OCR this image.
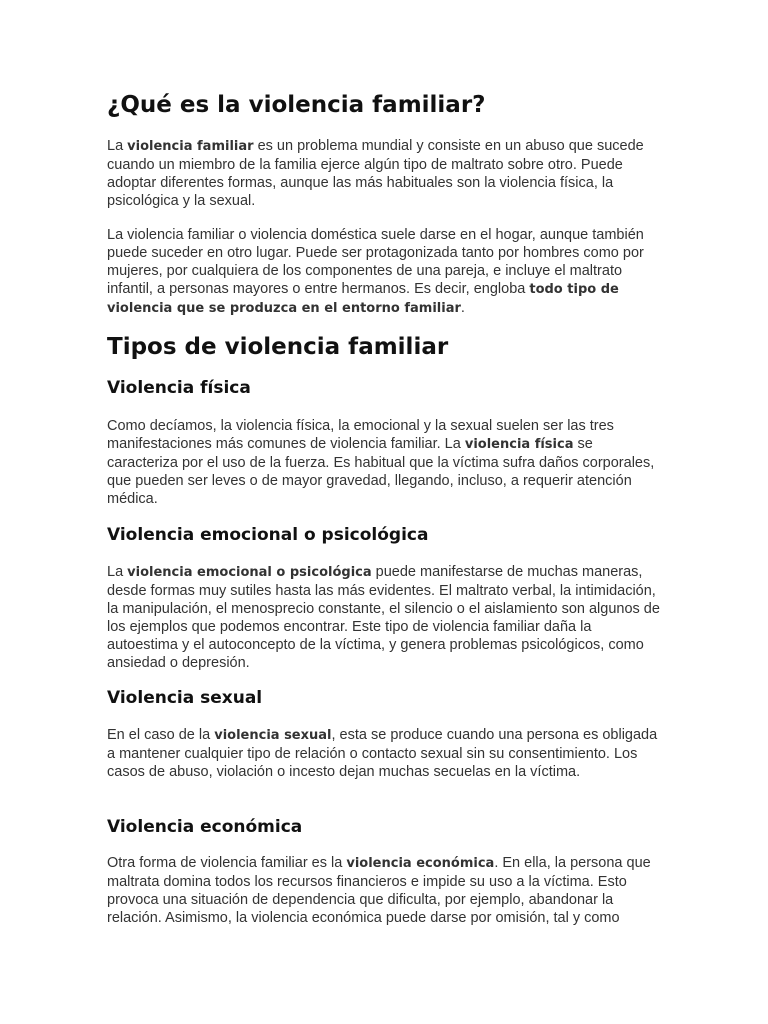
¿Qué es la violencia familiar?

La violencia familiar es un problema mundial y consiste en un abuso que sucede cuando un miembro de la familia ejerce algún tipo de maltrato sobre otro. Puede adoptar diferentes formas, aunque las más habituales son la violencia física, la psicológica y la sexual.

La violencia familiar o violencia doméstica suele darse en el hogar, aunque también puede suceder en otro lugar. Puede ser protagonizada tanto por hombres como por mujeres, por cualquiera de los componentes de una pareja, e incluye el maltrato infantil, a personas mayores o entre hermanos. Es decir, engloba todo tipo de violencia que se produzca en el entorno familiar.

Tipos de violencia familiar
Violencia física

Como decíamos, la violencia física, la emocional y la sexual suelen ser las tres manifestaciones más comunes de violencia familiar. La violencia física se caracteriza por el uso de la fuerza. Es habitual que la víctima sufra daños corporales, que pueden ser leves o de mayor gravedad, llegando, incluso, a requerir atención médica.

Violencia emocional o psicológica

La violencia emocional o psicológica puede manifestarse de muchas maneras, desde formas muy sutiles hasta las más evidentes. El maltrato verbal, la intimidación, la manipulación, el menosprecio constante, el silencio o el aislamiento son algunos de los ejemplos que podemos encontrar. Este tipo de violencia familiar daña la autoestima y el autoconcepto de la víctima, y genera problemas psicológicos, como ansiedad o depresión.

Violencia sexual

En el caso de la violencia sexual, esta se produce cuando una persona es obligada a mantener cualquier tipo de relación o contacto sexual sin su consentimiento. Los casos de abuso, violación o incesto dejan muchas secuelas en la víctima.

Violencia económica

Otra forma de violencia familiar es la violencia económica. En ella, la persona que maltrata domina todos los recursos financieros e impide su uso a la víctima. Esto provoca una situación de dependencia que dificulta, por ejemplo, abandonar la relación. Asimismo, la violencia económica puede darse por omisión, tal y como
